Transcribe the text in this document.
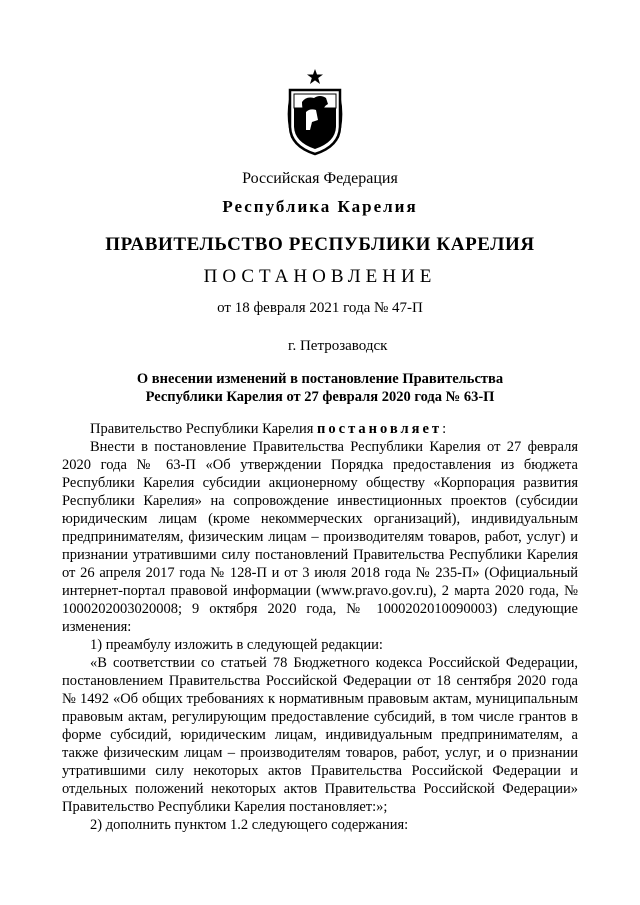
Российская Федерация
Республика Карелия
ПРАВИТЕЛЬСТВО РЕСПУБЛИКИ КАРЕЛИЯ
ПОСТАНОВЛЕНИЕ
от 18 февраля 2021 года № 47-П
г. Петрозаводск
О внесении изменений в постановление Правительства
Республики Карелия от 27 февраля 2020 года № 63-П

Правительство Республики Карелия постановляет:

Внести в постановление Правительства Республики Карелия от 27 февраля 2020 года № 63-П «Об утверждении Порядка предоставления из бюджета Республики Карелия субсидии акционерному обществу «Корпорация развития Республики Карелия» на сопровождение инвестиционных проектов (субсидии юридическим лицам (кроме некоммерческих организаций), индивидуальным предпринимателям, физическим лицам – производителям товаров, работ, услуг) и признании утратившими силу постановлений Правительства Республики Карелия от 26 апреля 2017 года № 128-П и от 3 июля 2018 года № 235-П» (Официальный интернет-портал правовой информации (www.pravo.gov.ru), 2 марта 2020 года, № 1000202003020008; 9 октября 2020 года, № 1000202010090003) следующие изменения:

1) преамбулу изложить в следующей редакции:

«В соответствии со статьей 78 Бюджетного кодекса Российской Федерации, постановлением Правительства Российской Федерации от 18 сентября 2020 года № 1492 «Об общих требованиях к нормативным правовым актам, муниципальным правовым актам, регулирующим предоставление субсидий, в том числе грантов в форме субсидий, юридическим лицам, индивидуальным предпринимателям, а также физическим лицам – производителям товаров, работ, услуг, и о признании утратившими силу некоторых актов Правительства Российской Федерации и отдельных положений некоторых актов Правительства Российской Федерации» Правительство Республики Карелия постановляет:»;

2) дополнить пунктом 1.2 следующего содержания:
